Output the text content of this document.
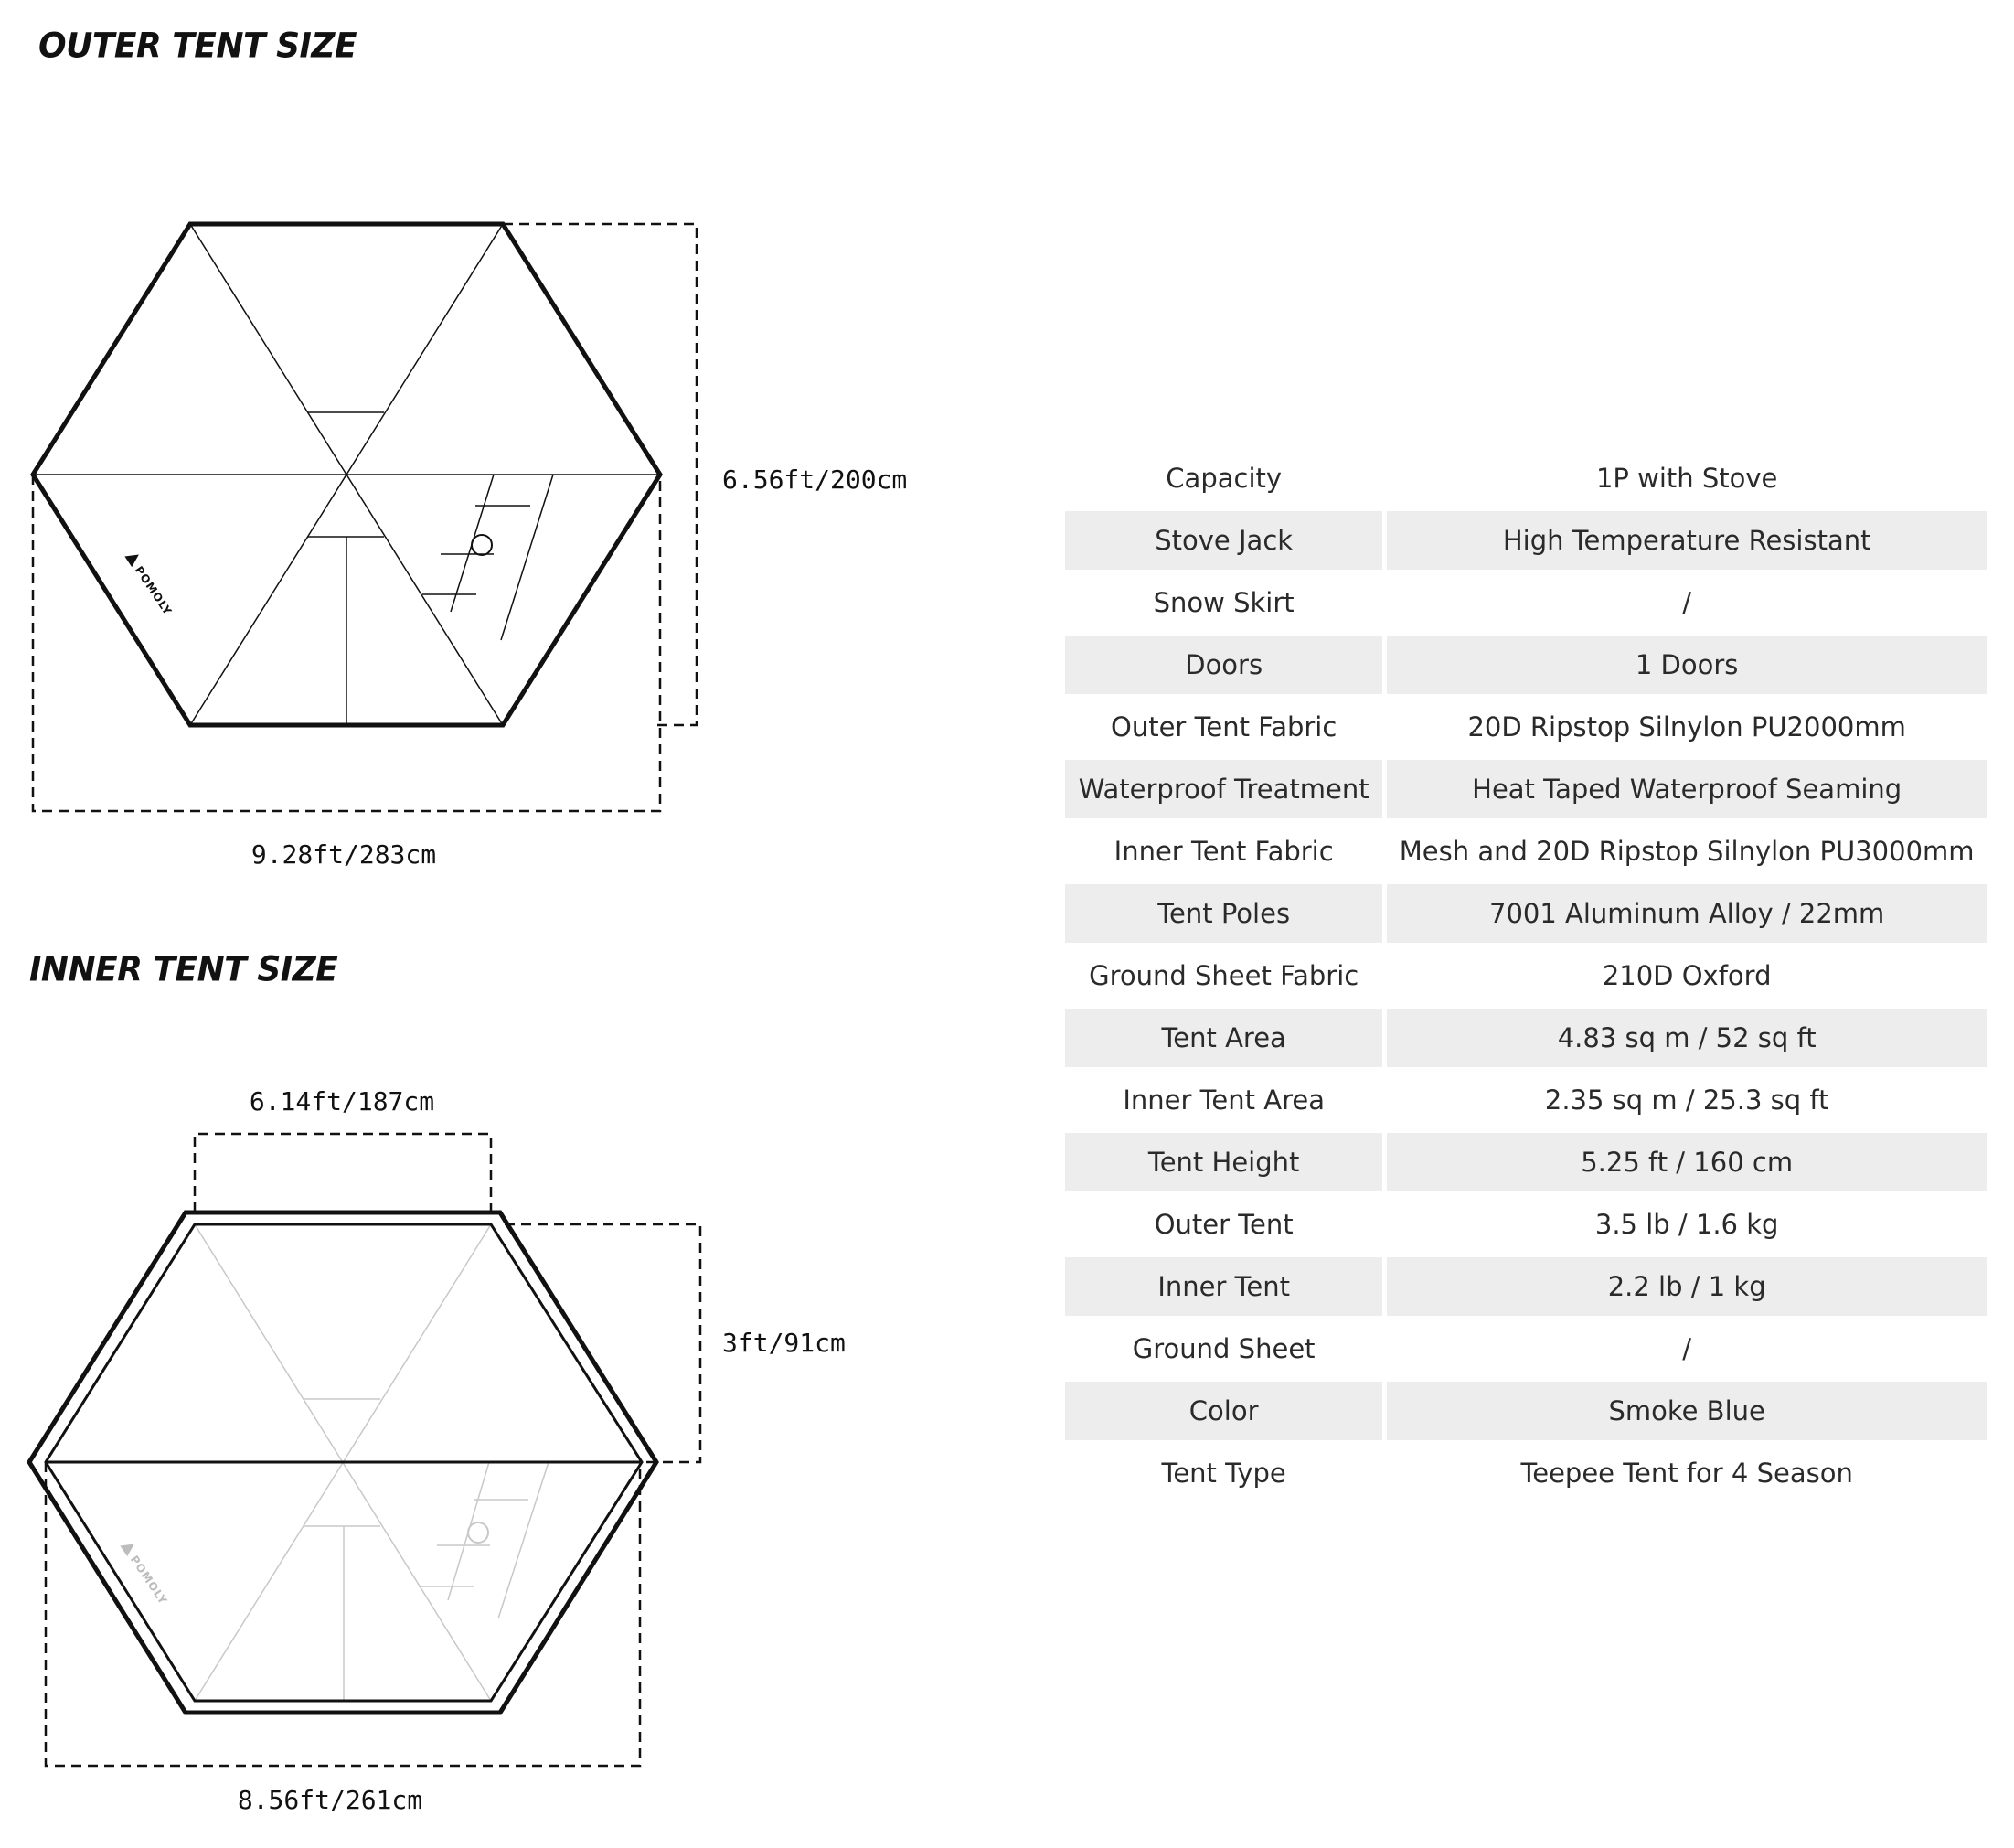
OUTER TENT SIZE
POMOLY
6.56ft/200cm
9.28ft/283cm
INNER TENT SIZE
POMOLY
6.14ft/187cm
3ft/91cm
8.56ft/261cm
Capacity	1P with Stove
Stove Jack	High Temperature Resistant
Snow Skirt	/
Doors	1 Doors
Outer Tent Fabric	20D Ripstop Silnylon PU2000mm
Waterproof Treatment	Heat Taped Waterproof Seaming
Inner Tent Fabric	Mesh and 20D Ripstop Silnylon PU3000mm
Tent Poles	7001 Aluminum Alloy / 22mm
Ground Sheet Fabric	210D Oxford
Tent Area	4.83 sq m / 52 sq ft
Inner Tent Area	2.35 sq m / 25.3 sq ft
Tent Height	5.25 ft / 160 cm
Outer Tent	3.5 lb / 1.6 kg
Inner Tent	2.2 lb / 1 kg
Ground Sheet	/
Color	Smoke Blue
Tent Type	Teepee Tent for 4 Season
